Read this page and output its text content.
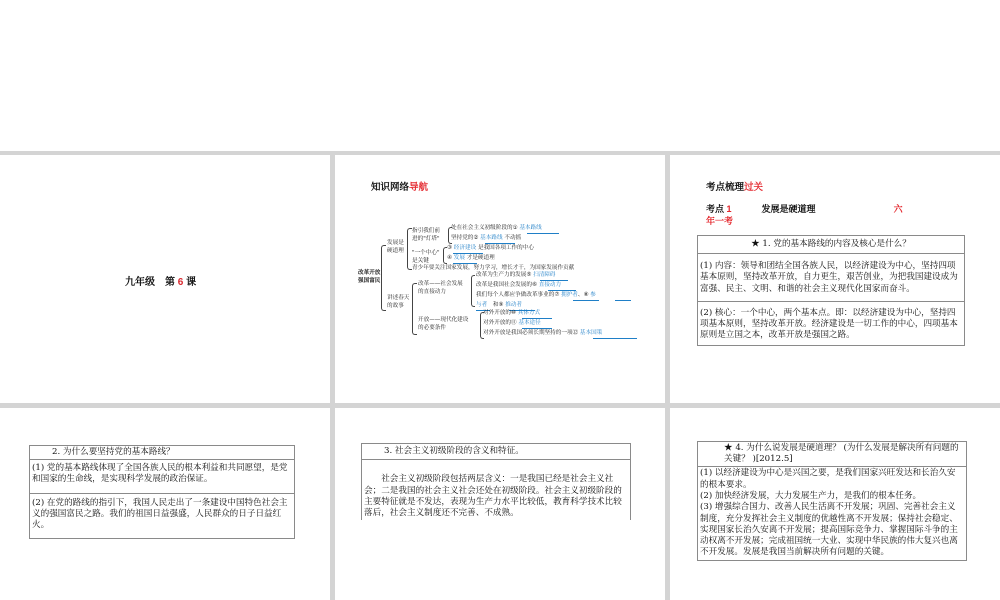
九年级　第 6 课
知识网络导航
改革开放
强国富民
发展是
硬道理
指引我们前
进的"灯塔"
处在社会主义初级阶段的① 基本路线
坚持党的② 基本路线 不动摇
"一个中心"
是关键
③ 经济建设 是我国各项工作的中心
④ 发展 才是硬道理
青少年要关注国家发展，努力学习，增长才干，为国家发展作贡献
讲述春天
的故事
改革——社会发展
的直接动力
改革为生产力的发展⑤ 扫清障碍
改革是我国社会发展的⑥ 直接动力
我们每个人都应争做改革事业的⑦ 拥护者、⑧ 参
与者　 和⑨ 推动者
开放——现代化建设
的必要条件
对外开放的⑩ 具体方式
对外开放的⑪ 基本途径
对外开放是我国必须长期坚持的一项⑫ 基本国策
考点梳理过关
考点 1	发展是硬道理	六
年一考
★ 1. 党的基本路线的内容及核心是什么？
(1) 内容：领导和团结全国各族人民，以经济建设为中心，坚持四项基本原则，坚持改革开放，自力更生，艰苦创业，为把我国建设成为富强、民主、文明、和谐的社会主义现代化国家而奋斗。
(2) 核心：一个中心，两个基本点。即：以经济建设为中心，坚持四项基本原则，坚持改革开放。经济建设是一切工作的中心，四项基本原则是立国之本，改革开放是强国之路。
2. 为什么要坚持党的基本路线？
(1) 党的基本路线体现了全国各族人民的根本利益和共同愿望，是党和国家的生命线，是实现科学发展的政治保证。
(2) 在党的路线的指引下，我国人民走出了一条建设中国特色社会主义的强国富民之路。我们的祖国日益强盛，人民群众的日子日益红火。
3. 社会主义初级阶段的含义和特征。
　　社会主义初级阶段包括两层含义：一是我国已经是社会主义社会；二是我国的社会主义社会还处在初级阶段。社会主义初级阶段的主要特征就是不发达，表现为生产力水平比较低，教育科学技术比较落后，社会主义制度还不完善、不成熟。
★ 4. 为什么说发展是硬道理？ (为什么发展是解决所有问题的关键？ )[2012.5]
(1) 以经济建设为中心是兴国之要，是我们国家兴旺发达和长治久安的根本要求。
(2) 加快经济发展，大力发展生产力，是我们的根本任务。
(3) 增强综合国力、改善人民生活离不开发展；巩固、完善社会主义制度，充分发挥社会主义制度的优越性离不开发展；保持社会稳定、实现国家长治久安离不开发展；提高国际竞争力、掌握国际斗争的主动权离不开发展；完成祖国统一大业、实现中华民族的伟大复兴也离不开发展。发展是我国当前解决所有问题的关键。
